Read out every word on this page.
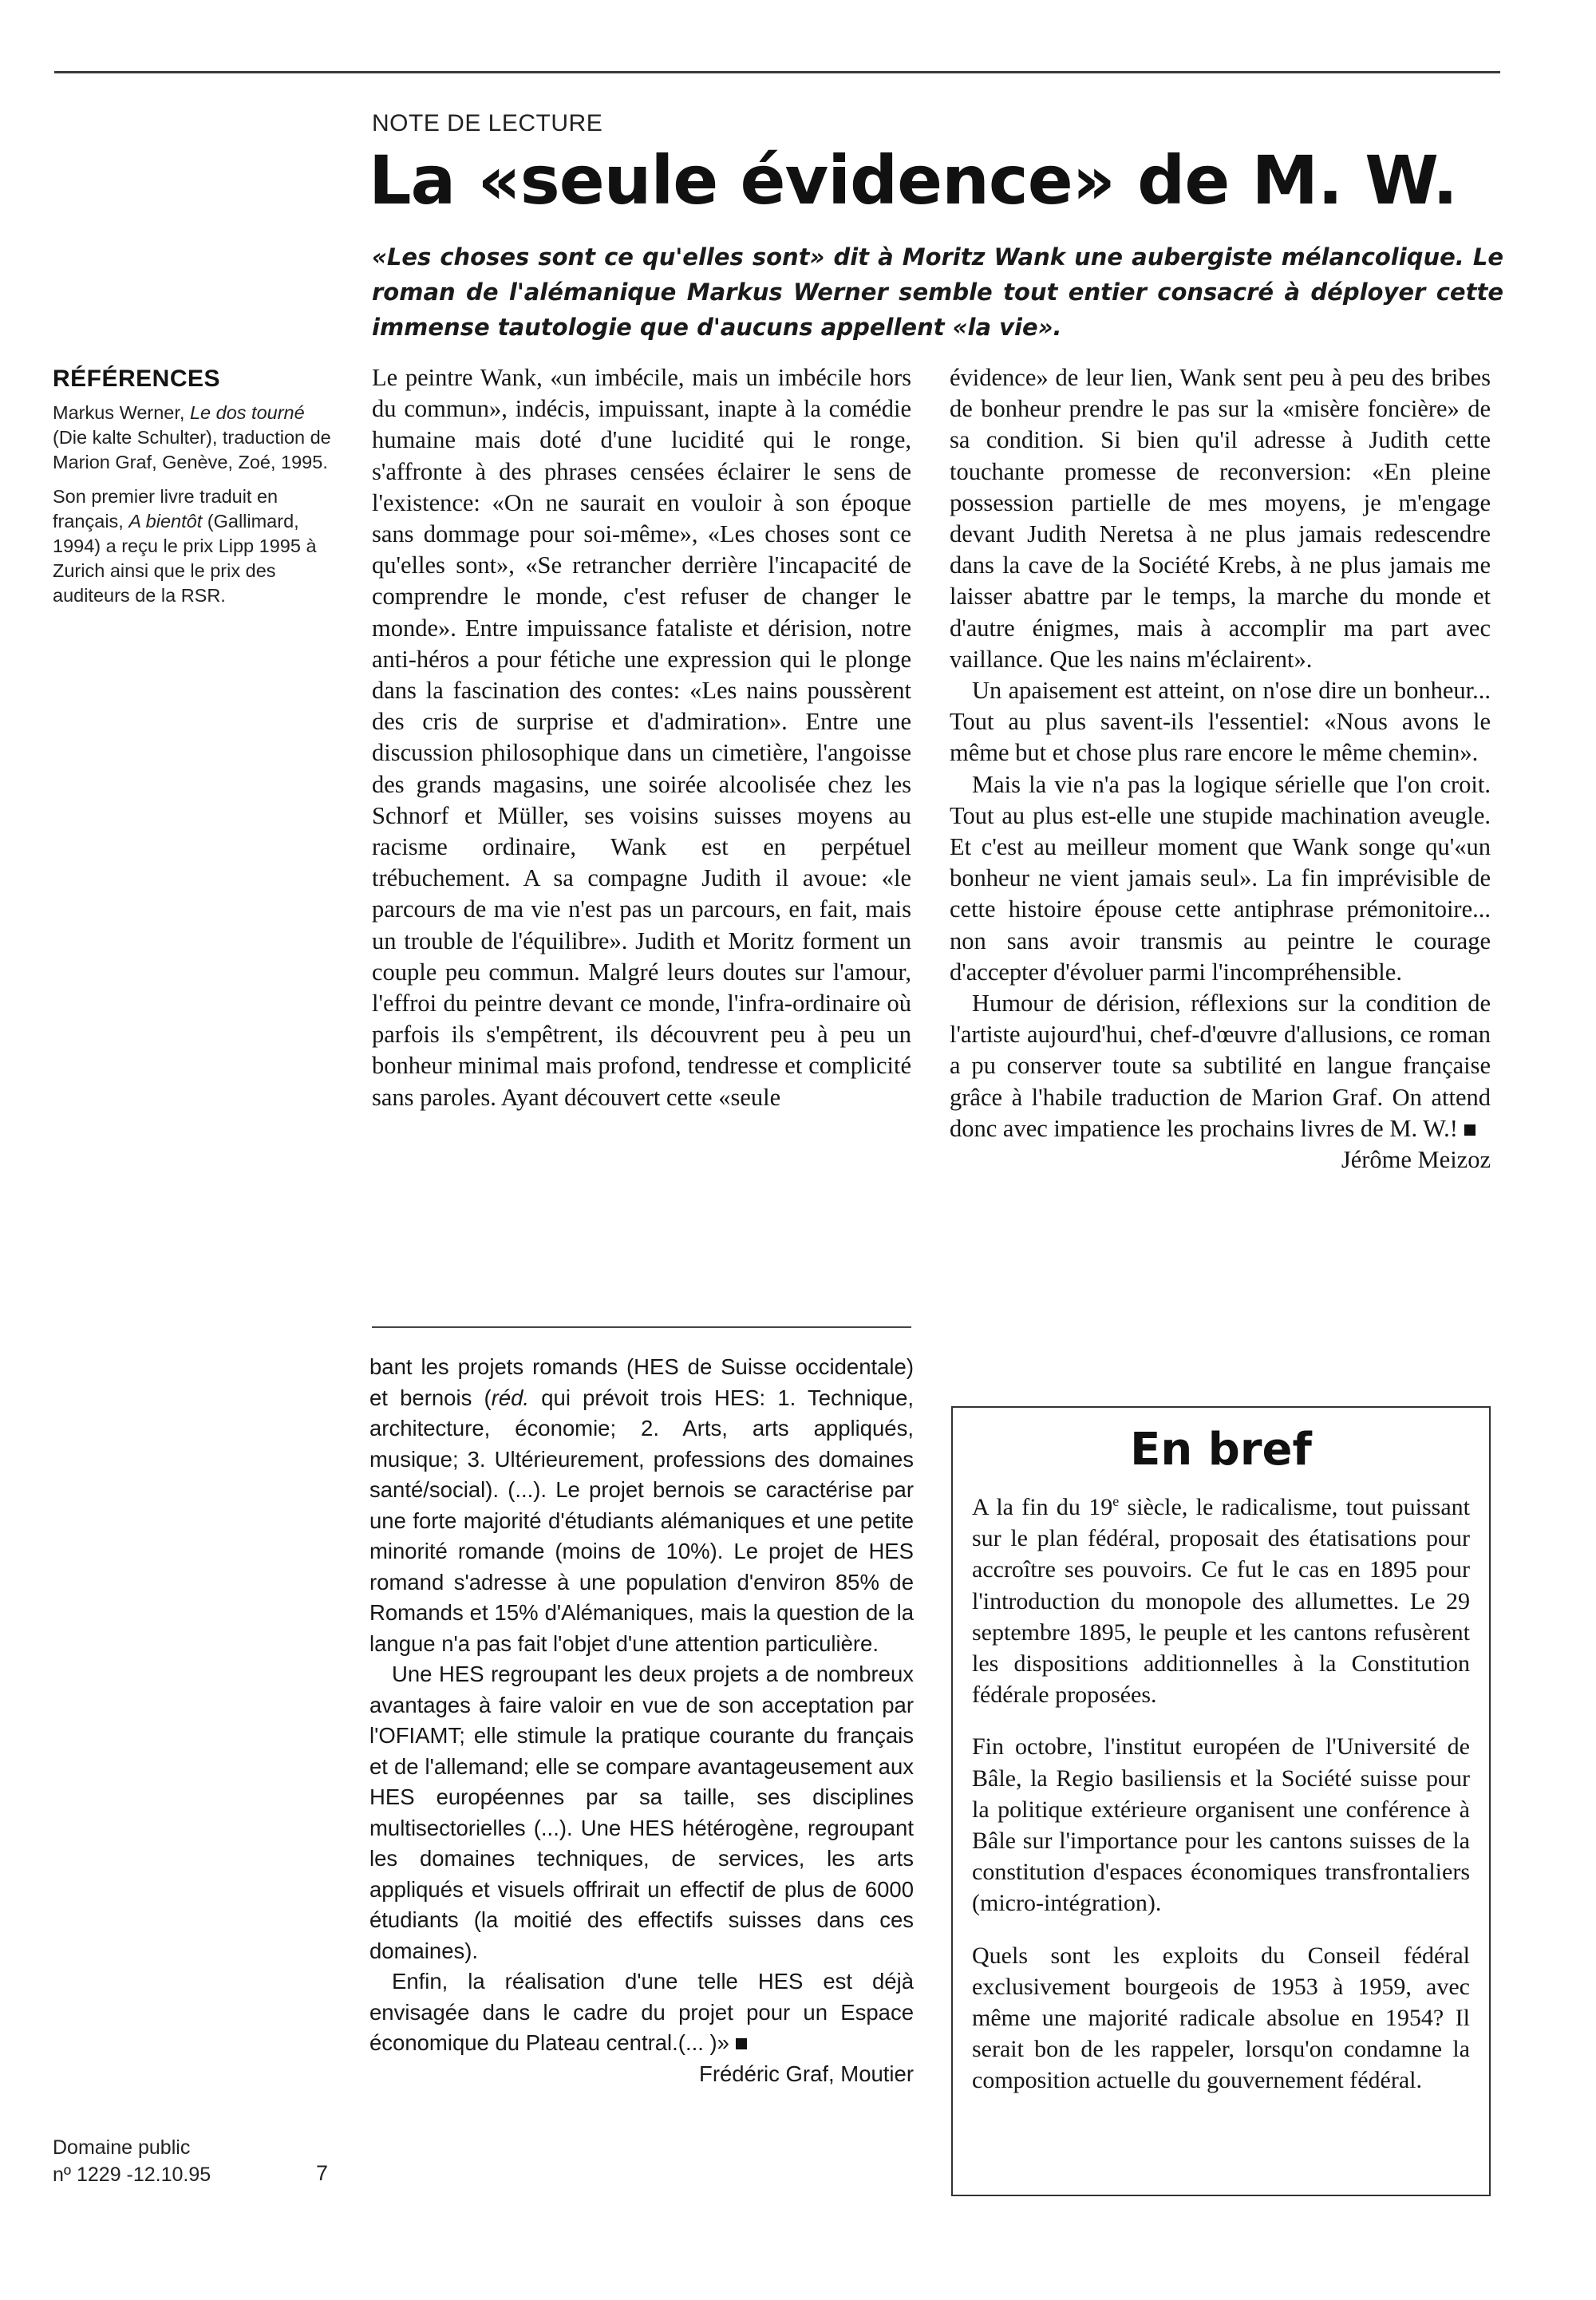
NOTE DE LECTURE
La «seule évidence» de M. W.
«Les choses sont ce qu'elles sont» dit à Moritz Wank une aubergiste mélancolique. Le roman de l'alémanique Markus Werner semble tout entier consacré à déployer cette immense tautologie que d'aucuns appellent «la vie».
RÉFÉRENCES

Markus Werner, Le dos tourné (Die kalte Schulter), traduction de Marion Graf, Genève, Zoé, 1995.

Son premier livre traduit en français, A bientôt (Gallimard, 1994) a reçu le prix Lipp 1995 à Zurich ainsi que le prix des auditeurs de la RSR.

Le peintre Wank, «un imbécile, mais un imbécile hors du commun», indécis, impuissant, inapte à la comédie humaine mais doté d'une lucidité qui le ronge, s'affronte à des phrases censées éclairer le sens de l'existence: «On ne saurait en vouloir à son époque sans dommage pour soi-même», «Les choses sont ce qu'elles sont», «Se retrancher derrière l'incapacité de comprendre le monde, c'est refuser de changer le monde». Entre impuissance fataliste et dérision, notre anti-héros a pour fétiche une expression qui le plonge dans la fascination des contes: «Les nains poussèrent des cris de surprise et d'admiration». Entre une discussion philosophique dans un cimetière, l'angoisse des grands magasins, une soirée alcoolisée chez les Schnorf et Müller, ses voisins suisses moyens au racisme ordinaire, Wank est en perpétuel trébuchement. A sa compagne Judith il avoue: «le parcours de ma vie n'est pas un parcours, en fait, mais un trouble de l'équilibre». Judith et Moritz forment un couple peu commun. Malgré leurs doutes sur l'amour, l'effroi du peintre devant ce monde, l'infra-ordinaire où parfois ils s'empêtrent, ils découvrent peu à peu un bonheur minimal mais profond, tendresse et complicité sans paroles. Ayant découvert cette «seule

évidence» de leur lien, Wank sent peu à peu des bribes de bonheur prendre le pas sur la «misère foncière» de sa condition. Si bien qu'il adresse à Judith cette touchante promesse de reconversion: «En pleine possession partielle de mes moyens, je m'engage devant Judith Neretsa à ne plus jamais redescendre dans la cave de la Société Krebs, à ne plus jamais me laisser abattre par le temps, la marche du monde et d'autre énigmes, mais à accomplir ma part avec vaillance. Que les nains m'éclairent».

Un apaisement est atteint, on n'ose dire un bonheur... Tout au plus savent-ils l'essentiel: «Nous avons le même but et chose plus rare encore le même chemin».

Mais la vie n'a pas la logique sérielle que l'on croit. Tout au plus est-elle une stupide machination aveugle. Et c'est au meilleur moment que Wank songe qu'«un bonheur ne vient jamais seul». La fin imprévisible de cette histoire épouse cette antiphrase prémonitoire... non sans avoir transmis au peintre le courage d'accepter d'évoluer parmi l'incompréhensible.

Humour de dérision, réflexions sur la condition de l'artiste aujourd'hui, chef-d'œuvre d'allusions, ce roman a pu conserver toute sa subtilité en langue française grâce à l'habile traduction de Marion Graf. On attend donc avec impatience les prochains livres de M. W.!

Jérôme Meizoz

bant les projets romands (HES de Suisse occidentale) et bernois (réd. qui prévoit trois HES: 1. Technique, architecture, économie; 2. Arts, arts appliqués, musique; 3. Ultérieurement, professions des domaines santé/social). (...). Le projet bernois se caractérise par une forte majorité d'étudiants alémaniques et une petite minorité romande (moins de 10%). Le projet de HES romand s'adresse à une population d'environ 85% de Romands et 15% d'Alémaniques, mais la question de la langue n'a pas fait l'objet d'une attention particulière.

Une HES regroupant les deux projets a de nombreux avantages à faire valoir en vue de son acceptation par l'OFIAMT; elle stimule la pratique courante du français et de l'allemand; elle se compare avantageusement aux HES européennes par sa taille, ses disciplines multisectorielles (...). Une HES hétérogène, regroupant les domaines techniques, de services, les arts appliqués et visuels offrirait un effectif de plus de 6000 étudiants (la moitié des effectifs suisses dans ces domaines).

Enfin, la réalisation d'une telle HES est déjà envisagée dans le cadre du projet pour un Espace économique du Plateau central.(... )»

Frédéric Graf, Moutier

En bref

A la fin du 19e siècle, le radicalisme, tout puissant sur le plan fédéral, proposait des étatisations pour accroître ses pouvoirs. Ce fut le cas en 1895 pour l'introduction du monopole des allumettes. Le 29 septembre 1895, le peuple et les cantons refusèrent les dispositions additionnelles à la Constitution fédérale proposées.

Fin octobre, l'institut européen de l'Université de Bâle, la Regio basiliensis et la Société suisse pour la politique extérieure organisent une conférence à Bâle sur l'importance pour les cantons suisses de la constitution d'espaces économiques transfrontaliers (micro-intégration).

Quels sont les exploits du Conseil fédéral exclusivement bourgeois de 1953 à 1959, avec même une majorité radicale absolue en 1954? Il serait bon de les rappeler, lorsqu'on condamne la composition actuelle du gouvernement fédéral.

Domaine public
nº 1229 -12.10.95	7
